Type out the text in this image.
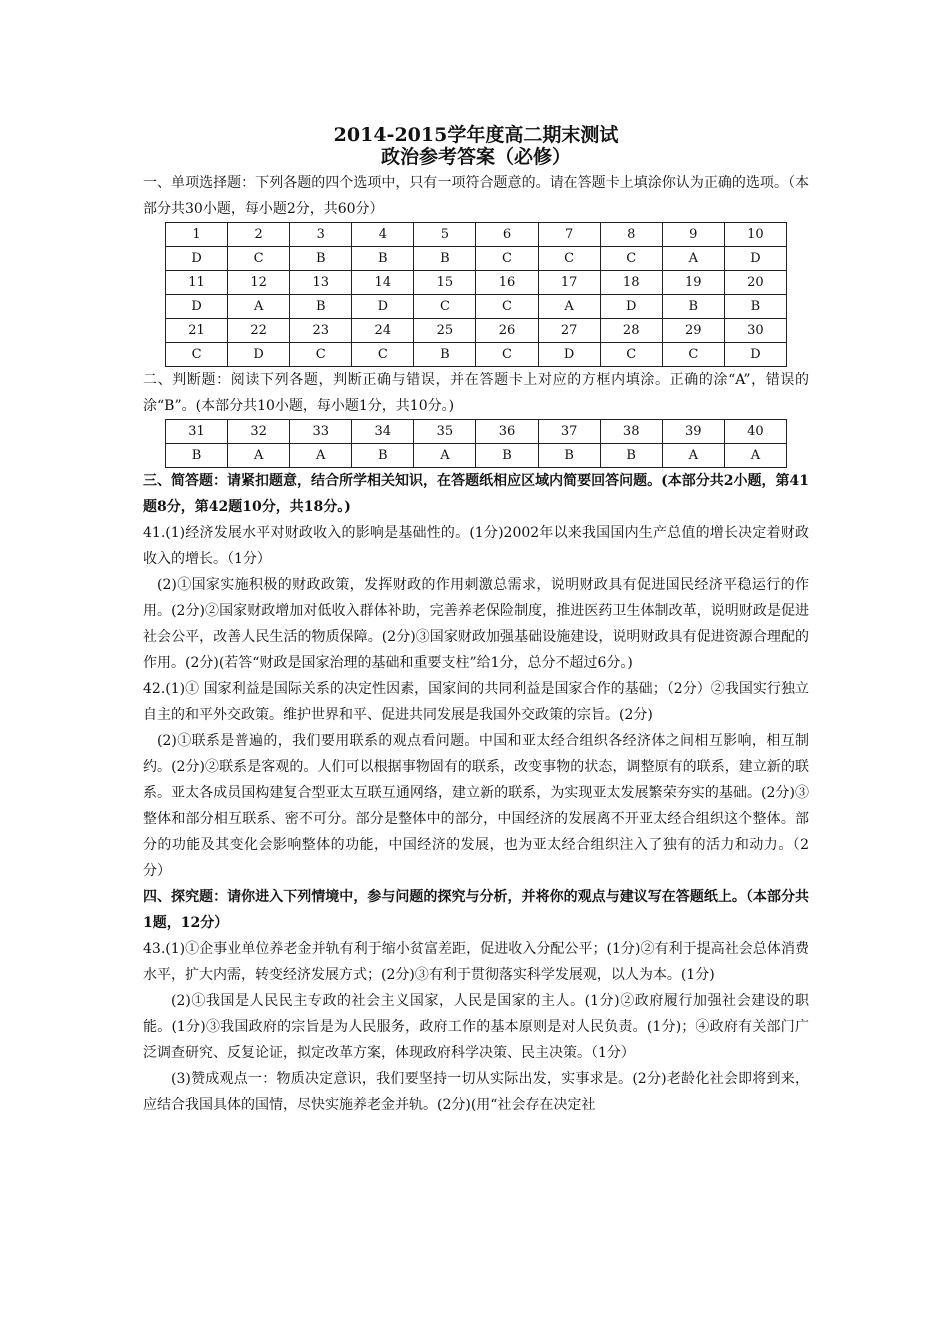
2014-2015学年度高二期末测试

政治参考答案（必修）

一、单项选择题：下列各题的四个选项中，只有一项符合题意的。请在答题卡上填涂你认为正确的选项。（本部分共30小题，每小题2分，共60分）

1	2	3	4	5	6	7	8	9	10
D	C	B	B	B	C	C	C	A	D
11	12	13	14	15	16	17	18	19	20
D	A	B	D	C	C	A	D	B	B
21	22	23	24	25	26	27	28	29	30
C	D	C	C	B	C	D	C	C	D

二、判断题：阅读下列各题，判断正确与错误，并在答题卡上对应的方框内填涂。正确的涂“A”，错误的涂“B”。(本部分共10小题，每小题1分，共10分。)

31	32	33	34	35	36	37	38	39	40
B	A	A	B	A	B	B	B	A	A

三、简答题：请紧扣题意，结合所学相关知识，在答题纸相应区域内简要回答问题。(本部分共2小题，第41题8分，第42题10分，共18分。)

41.(1)经济发展水平对财政收入的影响是基础性的。(1分)2002年以来我国国内生产总值的增长决定着财政收入的增长。（1分）

(2)①国家实施积极的财政政策，发挥财政的作用刺激总需求，说明财政具有促进国民经济平稳运行的作用。(2分)②国家财政增加对低收入群体补助，完善养老保险制度，推进医药卫生体制改革，说明财政是促进社会公平，改善人民生活的物质保障。(2分)③国家财政加强基础设施建设，说明财政具有促进资源合理配的作用。(2分)(若答“财政是国家治理的基础和重要支柱”给1分，总分不超过6分。)

42.(1)① 国家利益是国际关系的决定性因素，国家间的共同利益是国家合作的基础；（2分）②我国实行独立自主的和平外交政策。维护世界和平、促进共同发展是我国外交政策的宗旨。(2分)

(2)①联系是普遍的，我们要用联系的观点看问题。中国和亚太经合组织各经济体之间相互影响，相互制约。(2分)②联系是客观的。人们可以根据事物固有的联系，改变事物的状态，调整原有的联系，建立新的联系。亚太各成员国构建复合型亚太互联互通网络，建立新的联系，为实现亚太发展繁荣夯实的基础。(2分)③整体和部分相互联系、密不可分。部分是整体中的部分，中国经济的发展离不开亚太经合组织这个整体。部分的功能及其变化会影响整体的功能，中国经济的发展，也为亚太经合组织注入了独有的活力和动力。（2分）

四、探究题：请你进入下列情境中，参与问题的探究与分析，并将你的观点与建议写在答题纸上。（本部分共1题，12分）

43.(1)①企事业单位养老金并轨有利于缩小贫富差距，促进收入分配公平；(1分)②有利于提高社会总体消费水平，扩大内需，转变经济发展方式；(2分)③有利于贯彻落实科学发展观，以人为本。(1分)

(2)①我国是人民民主专政的社会主义国家，人民是国家的主人。(1分)②政府履行加强社会建设的职能。(1分)③我国政府的宗旨是为人民服务，政府工作的基本原则是对人民负责。(1分)；④政府有关部门广泛调查研究、反复论证，拟定改革方案，体现政府科学决策、民主决策。（1分）

(3)赞成观点一：物质决定意识，我们要坚持一切从实际出发，实事求是。(2分)老龄化社会即将到来，应结合我国具体的国情，尽快实施养老金并轨。(2分)(用“社会存在决定社
